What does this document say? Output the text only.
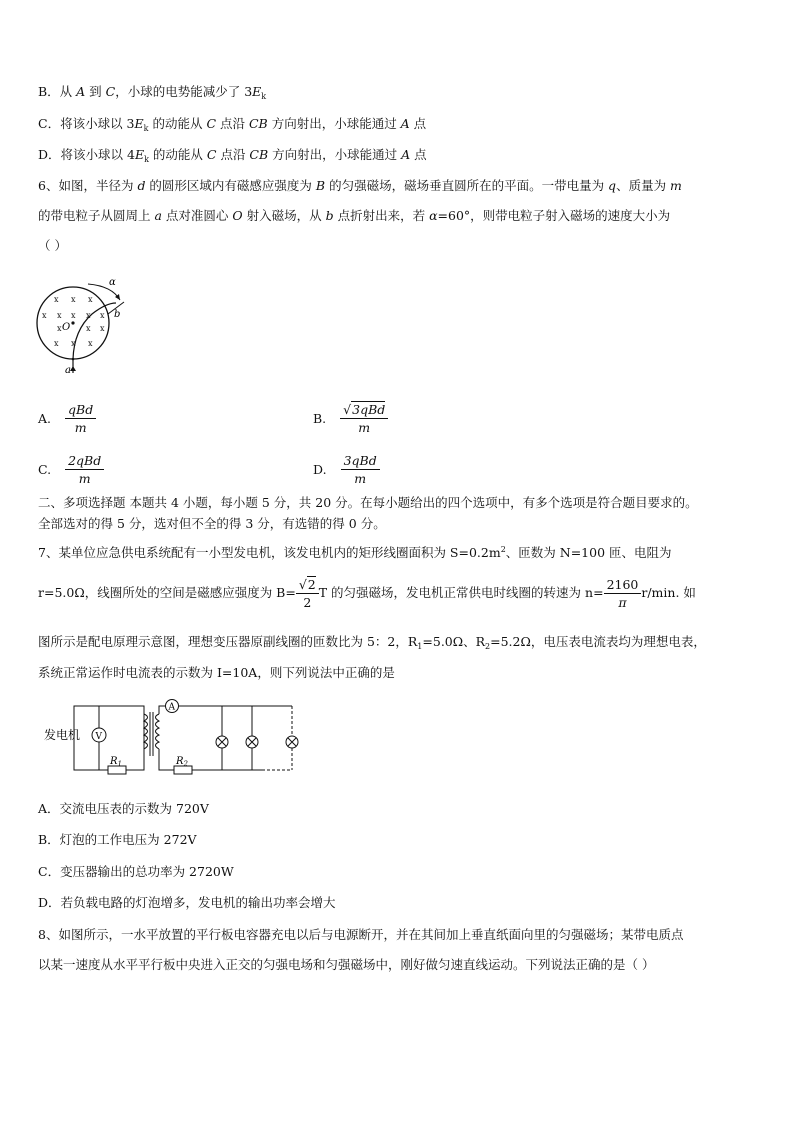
B．从 A 到 C，小球的电势能减少了 $3E_k$
C．将该小球以 $3E_k$ 的动能从 C 点沿 CB 方向射出，小球能通过 A 点
D．将该小球以 $4E_k$ 的动能从 C 点沿 CB 方向射出，小球能通过 A 点
6、如图，半径为 d 的圆形区域内有磁感应强度为 B 的匀强磁场，磁场垂直圆所在的平面。一带电量为 q、质量为 m
的带电粒子从圆周上 a 点对准圆心 O 射入磁场，从 b 点折射出来，若 α=60°，则带电粒子射入磁场的速度大小为
（ ）
x x x
x x x x x
x	x x
x x x
O
a
α
b
A. $\frac{\text{qBd}}{m}$	B. $\frac{\text{√3qBd}}{m}$
C. $\frac{\text{2qBd}}{m}$	D. $\frac{\text{3qBd}}{m}$
二、多项选择题 本题共 4 小题，每小题 5 分，共 20 分。在每小题给出的四个选项中，有多个选项是符合题目要求的。
全部选对的得 5 分，选对但不全的得 3 分，有选错的得 0 分。
7、某单位应急供电系统配有一小型发电机，该发电机内的矩形线圈面积为 $S=0.2m^2$、匝数为 N=100 匝、电阻为
r=5.0Ω，线圈所处的空间是磁感应强度为 $B= \frac{√2}{2}$ T 的匀强磁场，发电机正常供电时线圈的转速为 $n= \frac{2160}{\pi} r/\min$. 如
图所示是配电原理示意图，理想变压器原副线圈的匝数比为 5：2，$R_1=5.0\Omega$、$R_2=5.2\Omega$，电压表电流表均为理想电表，
系统正常运作时电流表的示数为 I=10A，则下列说法中正确的是
$R_1$	$R_2$
V
A
发电机
A．交流电压表的示数为 720V
B．灯泡的工作电压为 272V
C．变压器输出的总功率为 2720W
D．若负载电路的灯泡增多，发电机的输出功率会增大
8、如图所示，一水平放置的平行板电容器充电以后与电源断开，并在其间加上垂直纸面向里的匀强磁场；某带电质点
以某一速度从水平平行板中央进入正交的匀强电场和匀强磁场中，刚好做匀速直线运动。下列说法正确的是（ ）
